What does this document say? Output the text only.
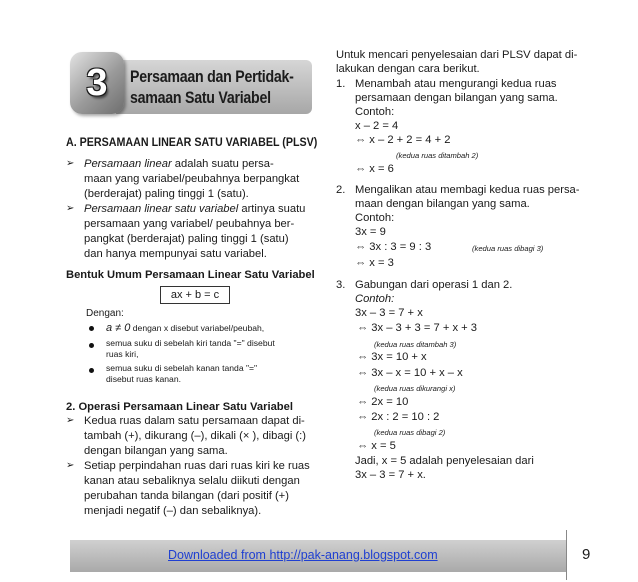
Persamaan dan Pertidak-
samaan Satu Variabel
3
A. PERSAMAAN LINEAR SATU VARIABEL (PLSV)
➢ Persamaan linear adalah suatu persa-
maan yang variabel/peubahnya berpangkat
(berderajat) paling tinggi 1 (satu).
➢ Persamaan linear satu variabel artinya suatu
persamaan yang variabel/ peubahnya ber-
pangkat (berderajat) paling tinggi 1 (satu)
dan hanya mempunyai satu variabel.
Bentuk Umum Persamaan Linear Satu Variabel
ax + b = c
Dengan:
a ≠ 0 dengan x disebut variabel/peubah,
semua suku di sebelah kiri tanda "=" disebut
ruas kiri,
semua suku di sebelah kanan tanda "="
disebut ruas kanan.
2. Operasi Persamaan Linear Satu Variabel
➢ Kedua ruas dalam satu persamaan dapat di-
tambah (+), dikurang (–), dikali (× ), dibagi (:)
dengan bilangan yang sama.
➢ Setiap perpindahan ruas dari ruas kiri ke ruas
kanan atau sebaliknya selalu diikuti dengan
perubahan tanda bilangan (dari positif (+)
menjadi negatif (–) dan sebaliknya).
Untuk mencari penyelesaian dari PLSV dapat di-
lakukan dengan cara berikut.
1. Menambah atau mengurangi kedua ruas
persamaan dengan bilangan yang sama.
Contoh:
x – 2 = 4
⇔ x – 2 + 2 = 4 + 2
(kedua ruas ditambah 2)
⇔ x = 6
2. Mengalikan atau membagi kedua ruas persa-
maan dengan bilangan yang sama.
Contoh:
3x = 9
⇔ 3x : 3 = 9 : 3	(kedua ruas dibagi 3)
⇔ x = 3
3. Gabungan dari operasi 1 dan 2.
Contoh:
3x – 3 = 7 + x
⇔ 3x – 3 + 3 = 7 + x + 3
(kedua ruas ditambah 3)
⇔ 3x = 10 + x
⇔ 3x – x = 10 + x – x
(kedua ruas dikurangi x)
⇔ 2x = 10
⇔ 2x : 2 = 10 : 2
(kedua ruas dibagi 2)
⇔ x = 5
Jadi, x = 5 adalah penyelesaian dari
3x – 3 = 7 + x.
Downloaded from http://pak-anang.blogspot.com	9
